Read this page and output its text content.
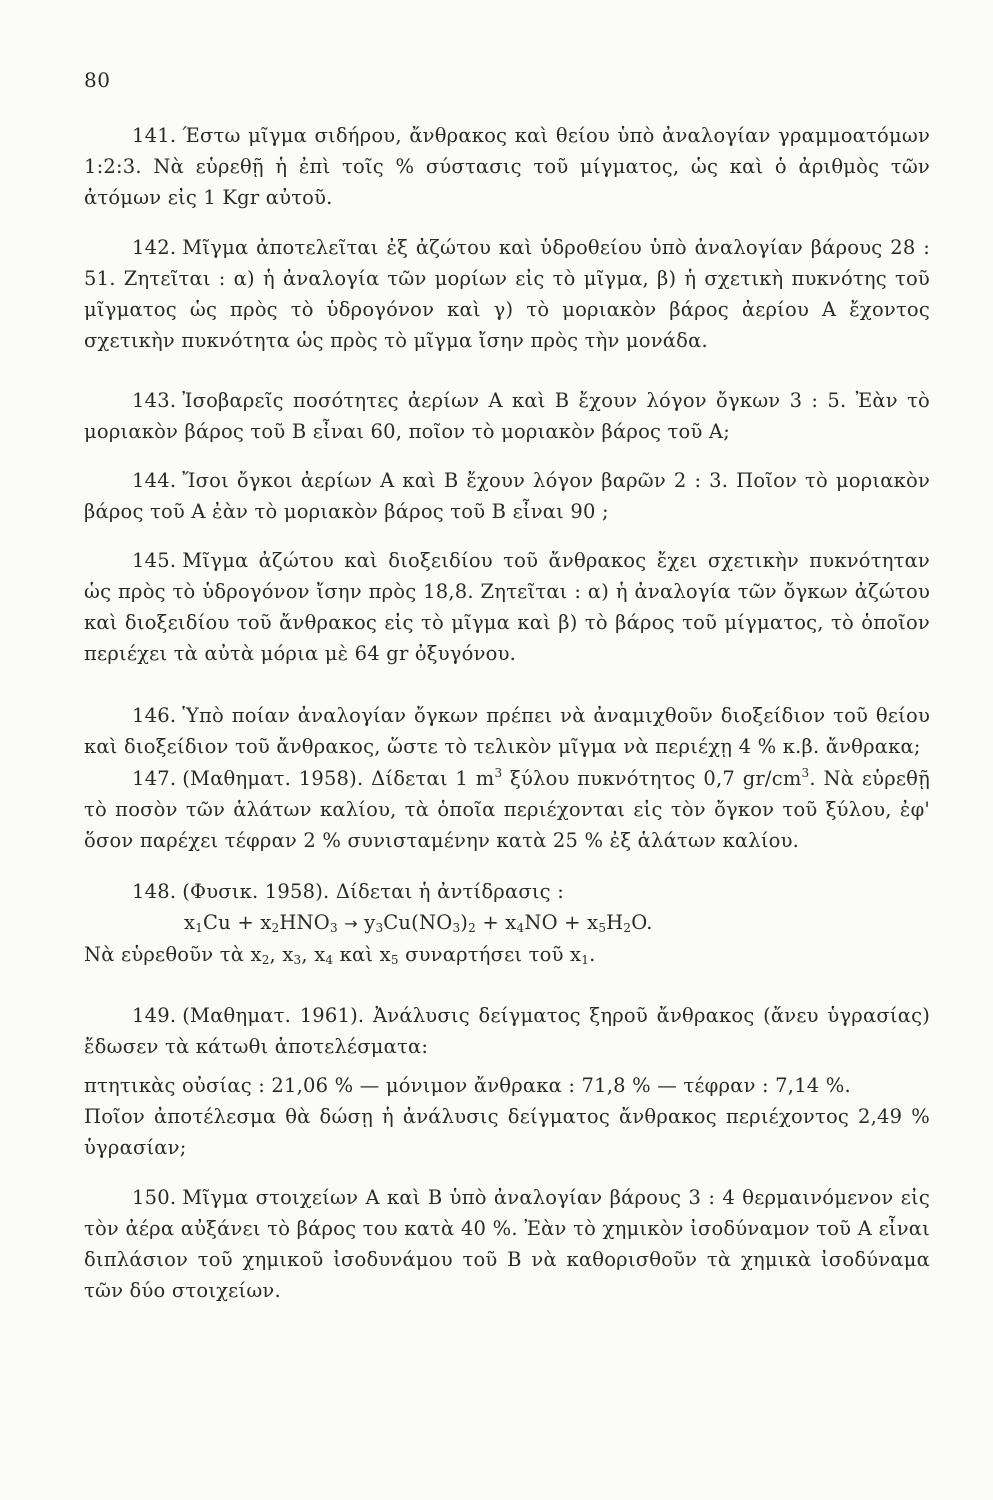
80

141. Έστω μῖγμα σιδήρου, ἄνθρακος καὶ θείου ὑπὸ ἀναλογίαν γραμμοατόμων 1:2:3. Νὰ εὑρεθῇ ἡ ἐπὶ τοῖς % σύστασις τοῦ μίγματος, ὡς καὶ ὁ ἀριθμὸς τῶν ἀτόμων εἰς 1 Kgr αὐτοῦ.

142. Μῖγμα ἀποτελεῖται ἐξ ἀζώτου καὶ ὑδροθείου ὑπὸ ἀναλογίαν βάρους 28 : 51. Ζητεῖται : α) ἡ ἀναλογία τῶν μορίων εἰς τὸ μῖγμα, β) ἡ σχετικὴ πυκνότης τοῦ μῖγματος ὡς πρὸς τὸ ὑδρογόνον καὶ γ) τὸ μοριακὸν βάρος ἀερίου Α ἔχοντος σχετικὴν πυκνότητα ὡς πρὸς τὸ μῖγμα ἴσην πρὸς τὴν μονάδα.

143. Ἰσοβαρεῖς ποσότητες ἀερίων Α καὶ Β ἔχουν λόγον ὄγκων 3 : 5. Ἐὰν τὸ μοριακὸν βάρος τοῦ Β εἶναι 60, ποῖον τὸ μοριακὸν βάρος τοῦ Α;

144. Ἴσοι ὄγκοι ἀερίων Α καὶ Β ἔχουν λόγον βαρῶν 2 : 3. Ποῖον τὸ μοριακὸν βάρος τοῦ Α ἐὰν τὸ μοριακὸν βάρος τοῦ Β εἶναι 90 ;

145. Μῖγμα ἀζώτου καὶ διοξειδίου τοῦ ἄνθρακος ἔχει σχετικὴν πυκνότηταν ὡς πρὸς τὸ ὑδρογόνον ἴσην πρὸς 18,8. Ζητεῖται : α) ἡ ἀναλογία τῶν ὄγκων ἀζώτου καὶ διοξειδίου τοῦ ἄνθρακος εἰς τὸ μῖγμα καὶ β) τὸ βάρος τοῦ μίγματος, τὸ ὁποῖον περιέχει τὰ αὐτὰ μόρια μὲ 64 gr ὀξυγόνου.

146. Ὑπὸ ποίαν ἀναλογίαν ὄγκων πρέπει νὰ ἀναμιχθοῦν διοξείδιον τοῦ θείου καὶ διοξείδιον τοῦ ἄνθρακος, ὥστε τὸ τελικὸν μῖγμα νὰ περιέχῃ 4 % κ.β. ἄνθρακα;

147. (Μαθηματ. 1958). Δίδεται 1 $m^3$ ξύλου πυκνότητος 0,7 $gr/cm^3$. Νὰ εὑρεθῇ τὸ ποσὸν τῶν ἁλάτων καλίου, τὰ ὁποῖα περιέχονται εἰς τὸν ὄγκον τοῦ ξύλου, ἐφ' ὅσον παρέχει τέφραν 2 % συνισταμένην κατὰ 25 % ἐξ ἁλάτων καλίου.

148. (Φυσικ. 1958). Δίδεται ἡ ἀντίδρασις :

$x_1Cu + x_2HNO_3 \to y_3Cu(NO_3)_2 + x_4NO + x_5H_2O$.

Νὰ εὑρεθοῦν τὰ $x_2$, $x_3$, $x_4$ καὶ $x_5$ συναρτήσει τοῦ $x_1$.

149. (Μαθηματ. 1961). Ἀνάλυσις δείγματος ξηροῦ ἄνθρακος (ἄνευ ὑγρασίας) ἔδωσεν τὰ κάτωθι ἀποτελέσματα:

πτητικὰς οὐσίας : 21,06 % — μόνιμον ἄνθρακα : 71,8 % — τέφραν : 7,14 %.

Ποῖον ἀποτέλεσμα θὰ δώσῃ ἡ ἀνάλυσις δείγματος ἄνθρακος περιέχοντος 2,49 % ὑγρασίαν;

150. Μῖγμα στοιχείων Α καὶ Β ὑπὸ ἀναλογίαν βάρους 3 : 4 θερμαινόμενον εἰς τὸν ἀέρα αὐξάνει τὸ βάρος του κατὰ 40 %. Ἐὰν τὸ χημικὸν ἰσοδύναμον τοῦ Α εἶναι διπλάσιον τοῦ χημικοῦ ἰσοδυνάμου τοῦ Β νὰ καθορισθοῦν τὰ χημικὰ ἰσοδύναμα τῶν δύο στοιχείων.
